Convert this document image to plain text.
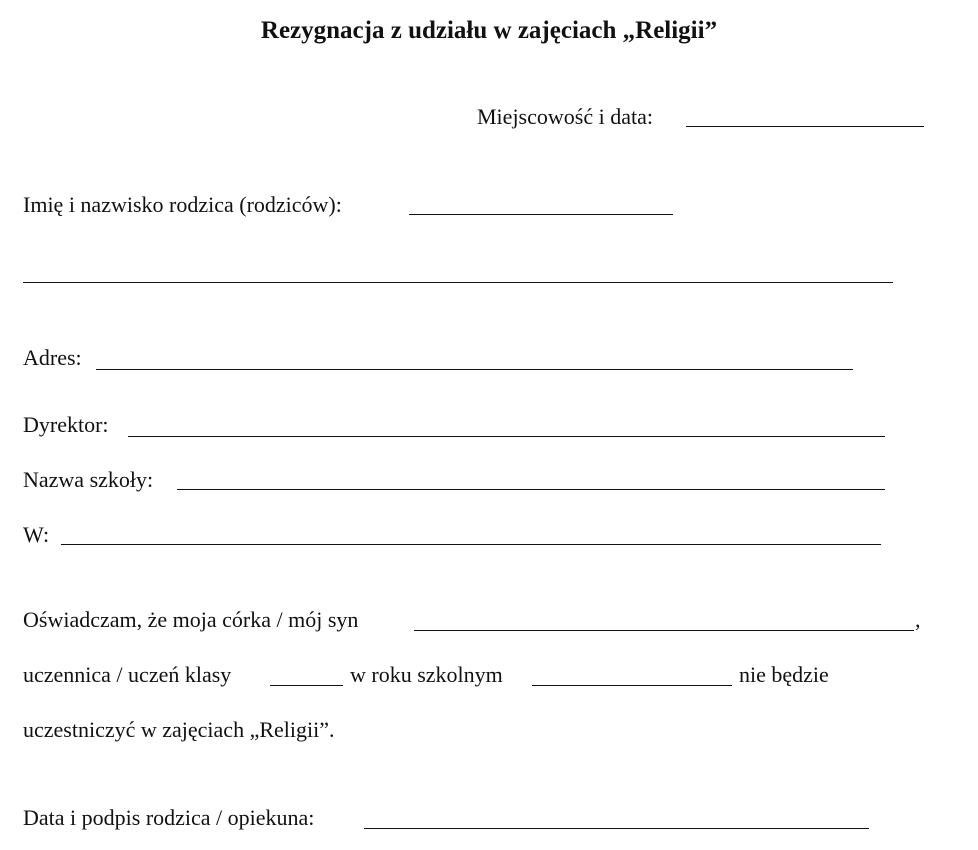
Rezygnacja z udziału w zajęciach „Religii”
Miejscowość i data:
Imię i nazwisko rodzica (rodziców):
Adres:
Dyrektor:
Nazwa szkoły:
W:
Oświadczam, że moja córka / mój syn	,
uczennica / uczeń klasy	w roku szkolnym	nie będzie
uczestniczyć w zajęciach „Religii”.
Data i podpis rodzica / opiekuna:
